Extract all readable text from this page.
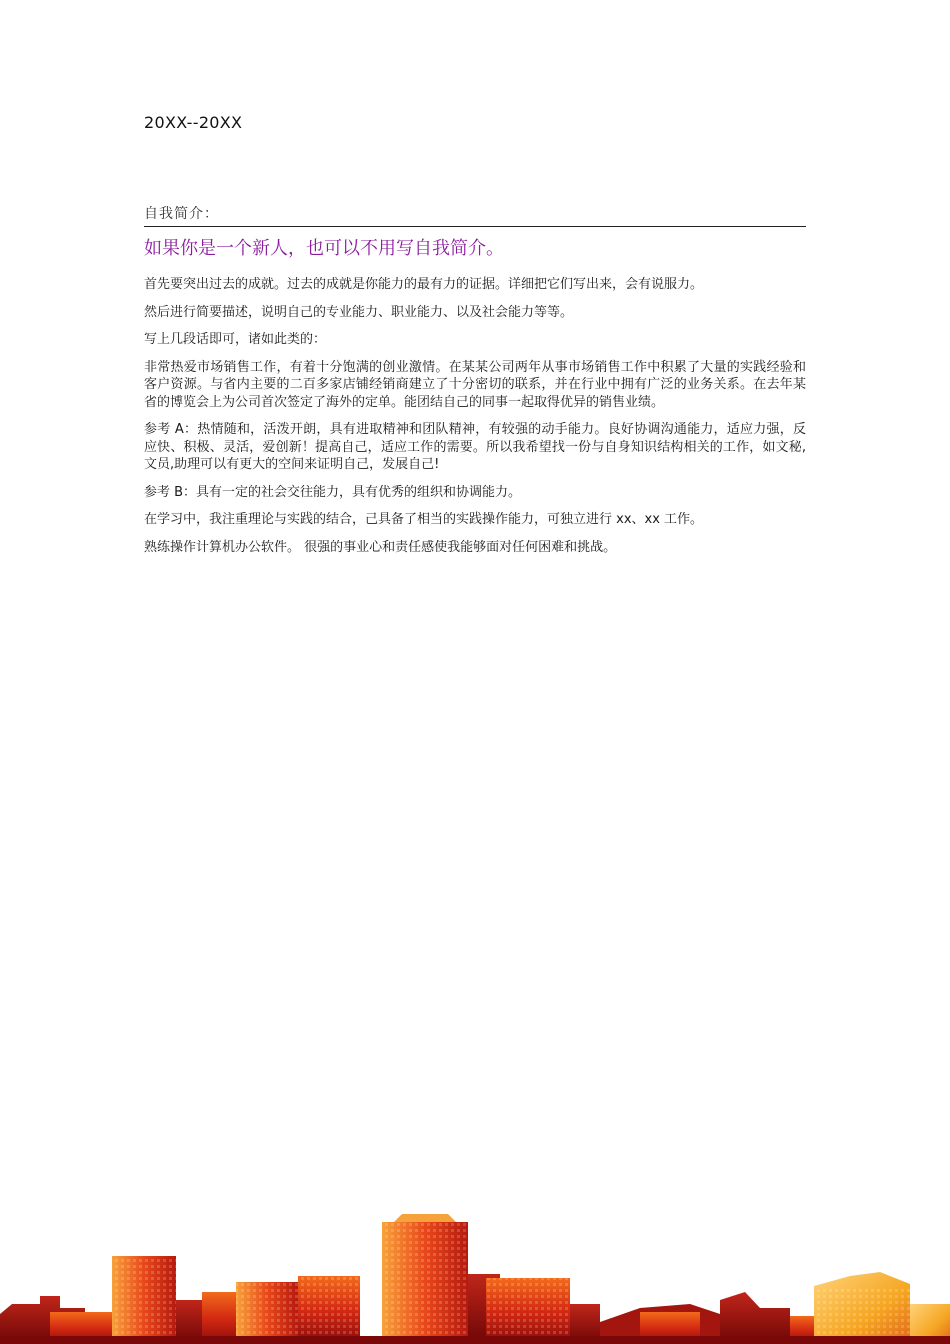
20XX--20XX
自我简介：
如果你是一个新人，也可以不用写自我简介。

首先要突出过去的成就。过去的成就是你能力的最有力的证据。详细把它们写出来，会有说服力。

然后进行简要描述，说明自己的专业能力、职业能力、以及社会能力等等。

写上几段话即可，诸如此类的：

非常热爱市场销售工作，有着十分饱满的创业激情。在某某公司两年从事市场销售工作中积累了大量的实践经验和客户资源。与省内主要的二百多家店铺经销商建立了十分密切的联系，并在行业中拥有广泛的业务关系。在去年某省的博览会上为公司首次签定了海外的定单。能团结自己的同事一起取得优异的销售业绩。

参考 A：热情随和，活泼开朗，具有进取精神和团队精神，有较强的动手能力。良好协调沟通能力，适应力强，反应快、积极、灵活，爱创新！提高自己，适应工作的需要。所以我希望找一份与自身知识结构相关的工作，如文秘,文员,助理可以有更大的空间来证明自己，发展自己!

参考 B：具有一定的社会交往能力，具有优秀的组织和协调能力。

在学习中，我注重理论与实践的结合，己具备了相当的实践操作能力，可独立进行 xx、xx 工作。

熟练操作计算机办公软件。 很强的事业心和责任感使我能够面对任何困难和挑战。
